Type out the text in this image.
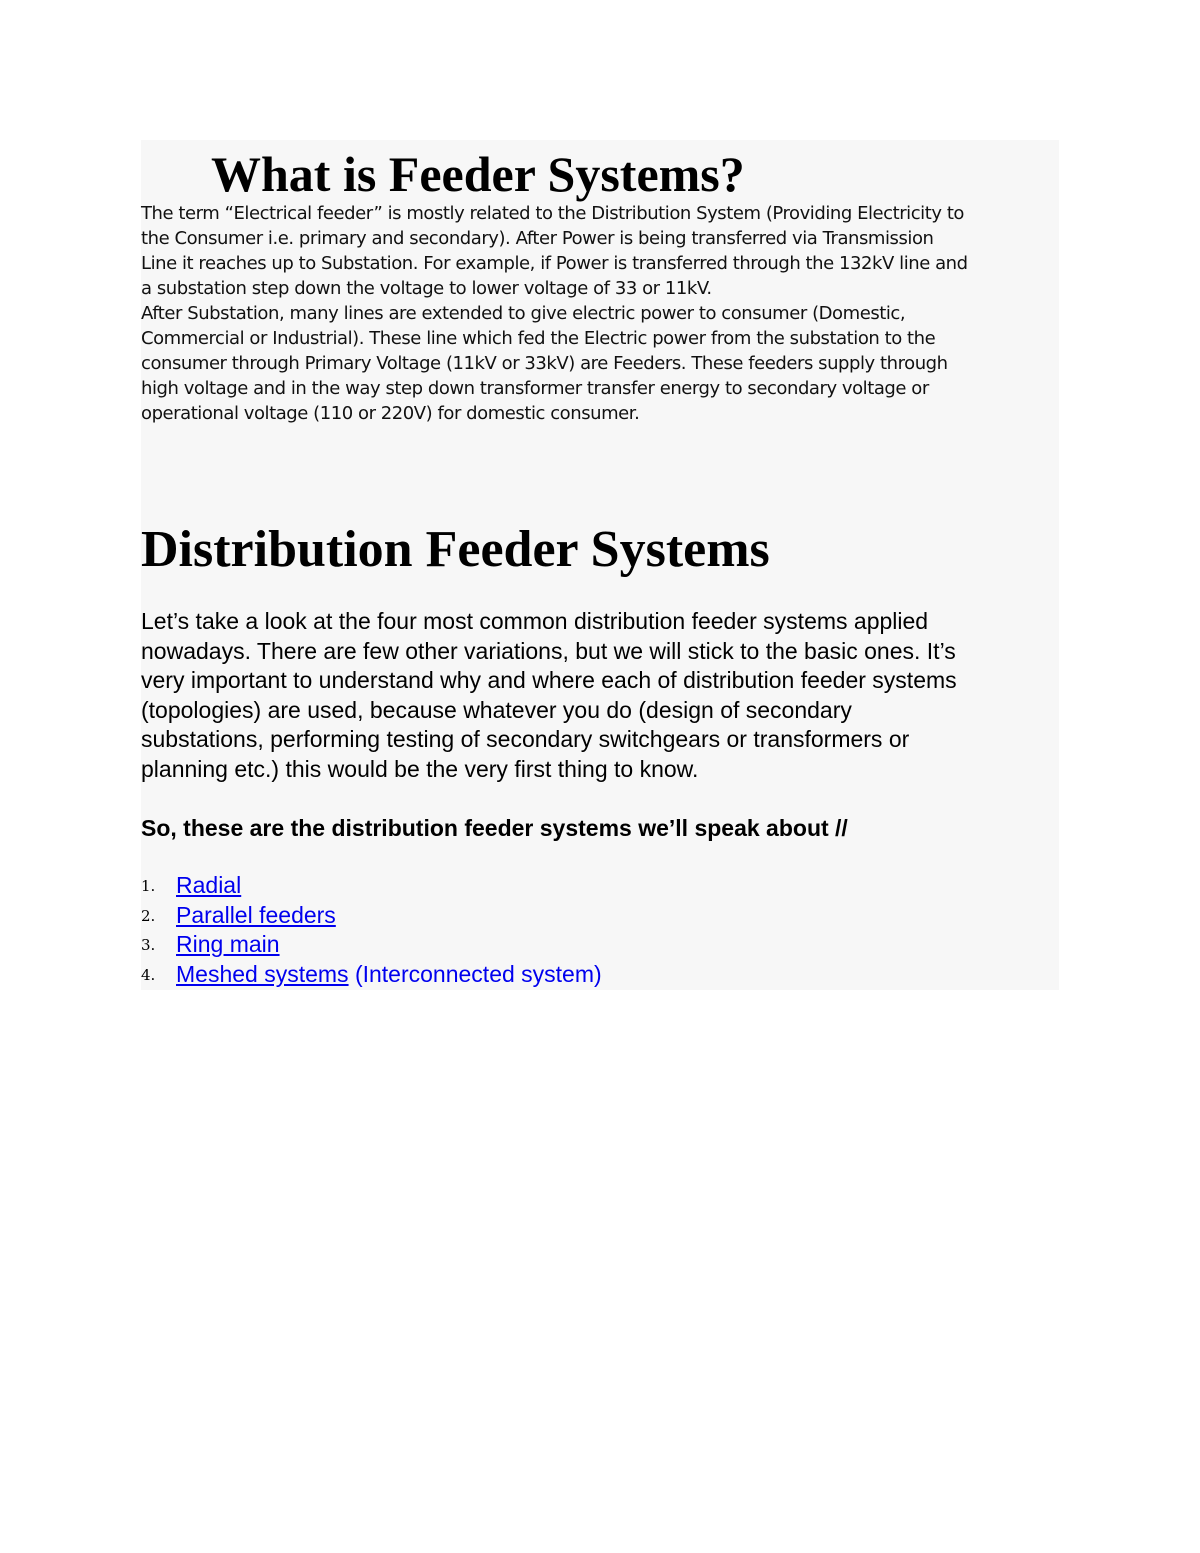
What is Feeder Systems?

The term “Electrical feeder” is mostly related to the Distribution System (Providing Electricity to
the Consumer i.e. primary and secondary). After Power is being transferred via Transmission
Line it reaches up to Substation. For example, if Power is transferred through the 132kV line and
a substation step down the voltage to lower voltage of 33 or 11kV.
After Substation, many lines are extended to give electric power to consumer (Domestic,
Commercial or Industrial). These line which fed the Electric power from the substation to the
consumer through Primary Voltage (11kV or 33kV) are Feeders. These feeders supply through
high voltage and in the way step down transformer transfer energy to secondary voltage or
operational voltage (110 or 220V) for domestic consumer.

Distribution Feeder Systems

Let’s take a look at the four most common distribution feeder systems applied
nowadays. There are few other variations, but we will stick to the basic ones. It’s
very important to understand why and where each of distribution feeder systems
(topologies) are used, because whatever you do (design of secondary
substations, performing testing of secondary switchgears or transformers or
planning etc.) this would be the very first thing to know.

So, these are the distribution feeder systems we’ll speak about //

1. Radial
2. Parallel feeders
3. Ring main
4. Meshed systems (Interconnected system)
